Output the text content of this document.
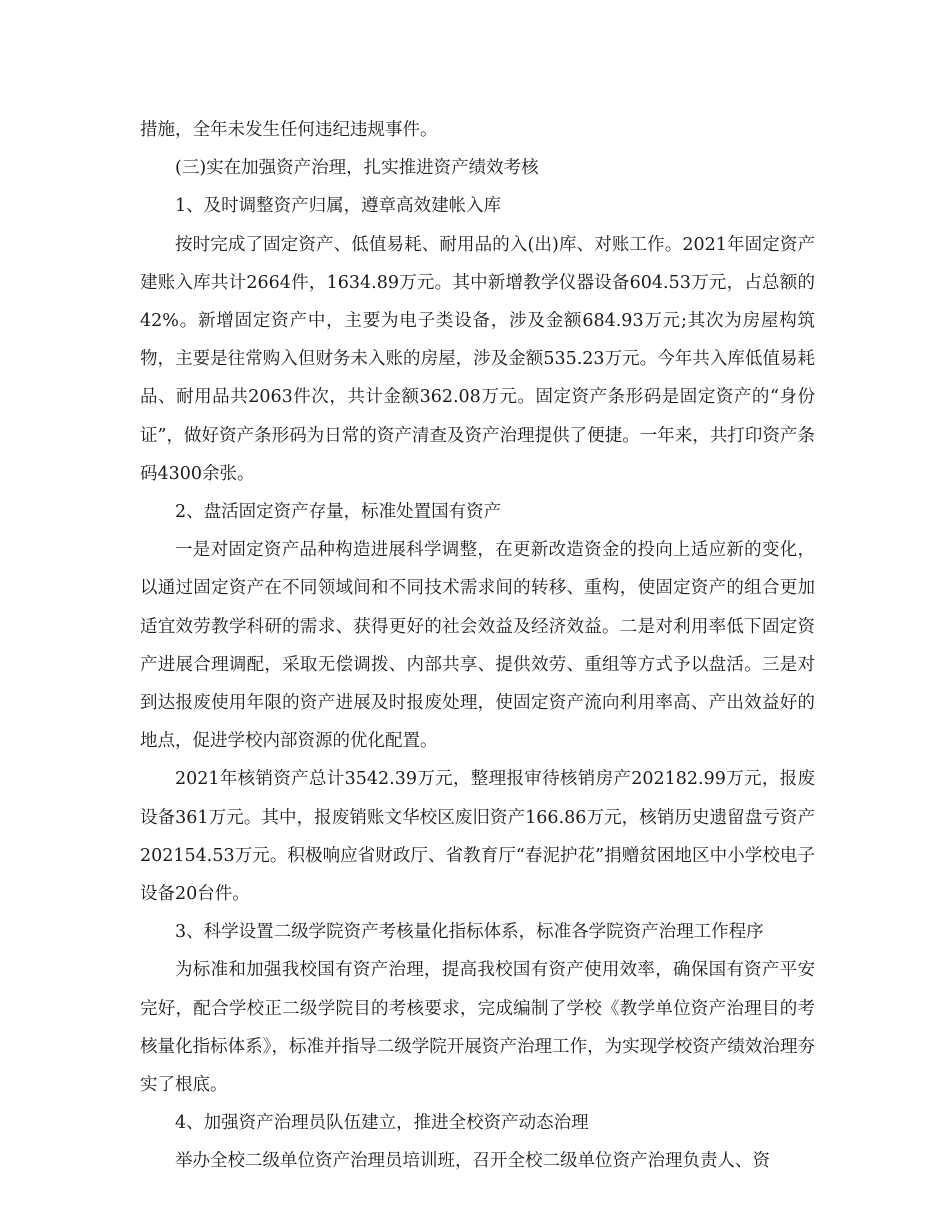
措施，全年未发生任何违纪违规事件。

(三)实在加强资产治理，扎实推进资产绩效考核

1、及时调整资产归属，遵章高效建帐入库

按时完成了固定资产、低值易耗、耐用品的入(出)库、对账工作。2021年固定资产建账入库共计2664件，1634.89万元。其中新增教学仪器设备604.53万元，占总额的42%。新增固定资产中，主要为电子类设备，涉及金额684.93万元;其次为房屋构筑物，主要是往常购入但财务未入账的房屋，涉及金额535.23万元。今年共入库低值易耗品、耐用品共2063件次，共计金额362.08万元。固定资产条形码是固定资产的“身份证”，做好资产条形码为日常的资产清查及资产治理提供了便捷。一年来，共打印资产条码4300余张。

2、盘活固定资产存量，标准处置国有资产

一是对固定资产品种构造进展科学调整，在更新改造资金的投向上适应新的变化，以通过固定资产在不同领域间和不同技术需求间的转移、重构，使固定资产的组合更加适宜效劳教学科研的需求、获得更好的社会效益及经济效益。二是对利用率低下固定资产进展合理调配，采取无偿调拨、内部共享、提供效劳、重组等方式予以盘活。三是对到达报废使用年限的资产进展及时报废处理，使固定资产流向利用率高、产出效益好的地点，促进学校内部资源的优化配置。

2021年核销资产总计3542.39万元，整理报审待核销房产202182.99万元，报废设备361万元。其中，报废销账文华校区废旧资产166.86万元，核销历史遗留盘亏资产202154.53万元。积极响应省财政厅、省教育厅“春泥护花”捐赠贫困地区中小学校电子设备20台件。

3、科学设置二级学院资产考核量化指标体系，标准各学院资产治理工作程序

为标准和加强我校国有资产治理，提高我校国有资产使用效率，确保国有资产平安完好，配合学校正二级学院目的考核要求，完成编制了学校《教学单位资产治理目的考核量化指标体系》，标准并指导二级学院开展资产治理工作，为实现学校资产绩效治理夯实了根底。

4、加强资产治理员队伍建立，推进全校资产动态治理

举办全校二级单位资产治理员培训班，召开全校二级单位资产治理负责人、资
